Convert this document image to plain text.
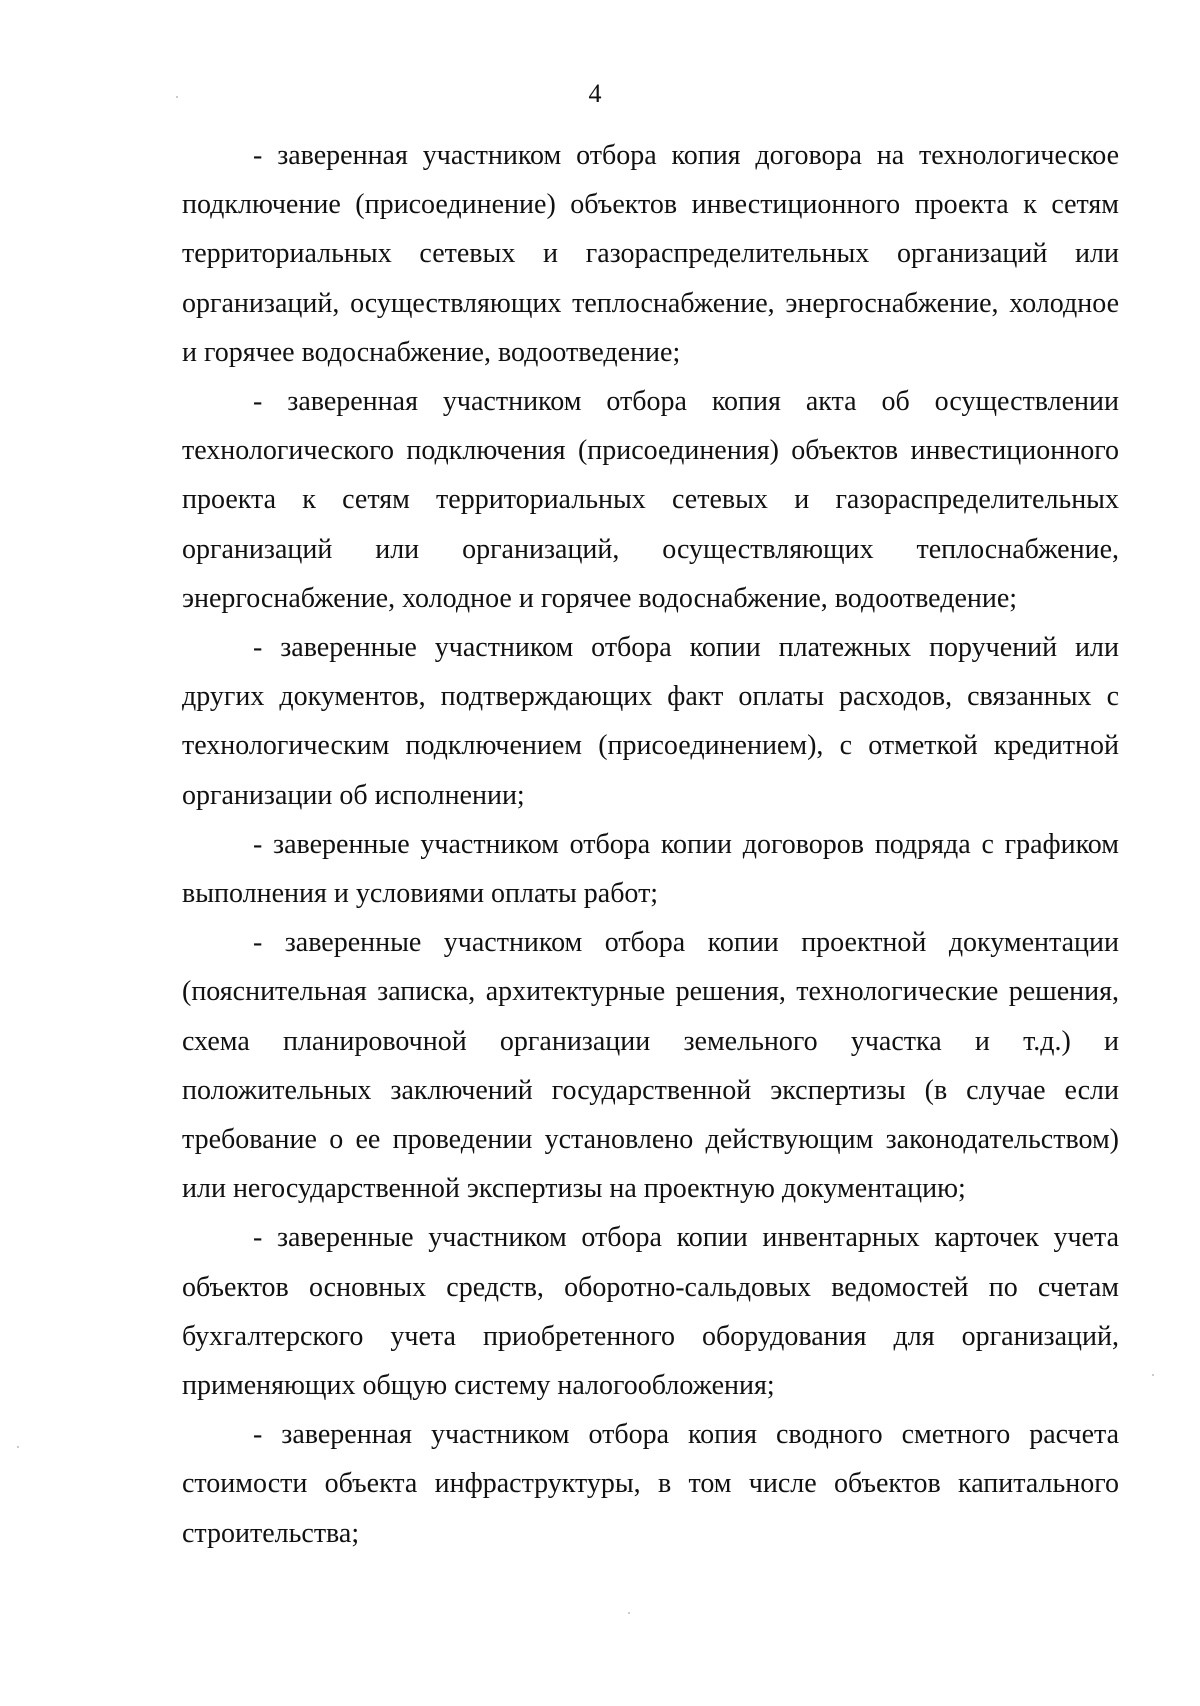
4

- заверенная участником отбора копия договора на технологическое подключение (присоединение) объектов инвестиционного проекта к сетям территориальных сетевых и газораспределительных организаций или организаций, осуществляющих теплоснабжение, энергоснабжение, холодное и горячее водоснабжение, водоотведение;

- заверенная участником отбора копия акта об осуществлении технологического подключения (присоединения) объектов инвестиционного проекта к сетям территориальных сетевых и газораспределительных организаций или организаций, осуществляющих теплоснабжение, энергоснабжение, холодное и горячее водоснабжение, водоотведение;

- заверенные участником отбора копии платежных поручений или других документов, подтверждающих факт оплаты расходов, связанных с технологическим подключением (присоединением), с отметкой кредитной организации об исполнении;

- заверенные участником отбора копии договоров подряда с графиком выполнения и условиями оплаты работ;

- заверенные участником отбора копии проектной документации (пояснительная записка, архитектурные решения, технологические решения, схема планировочной организации земельного участка и т.д.) и положительных заключений государственной экспертизы (в случае если требование о ее проведении установлено действующим законодательством) или негосударственной экспертизы на проектную документацию;

- заверенные участником отбора копии инвентарных карточек учета объектов основных средств, оборотно-сальдовых ведомостей по счетам бухгалтерского учета приобретенного оборудования для организаций, применяющих общую систему налогообложения;

- заверенная участником отбора копия сводного сметного расчета стоимости объекта инфраструктуры, в том числе объектов капитального строительства;
